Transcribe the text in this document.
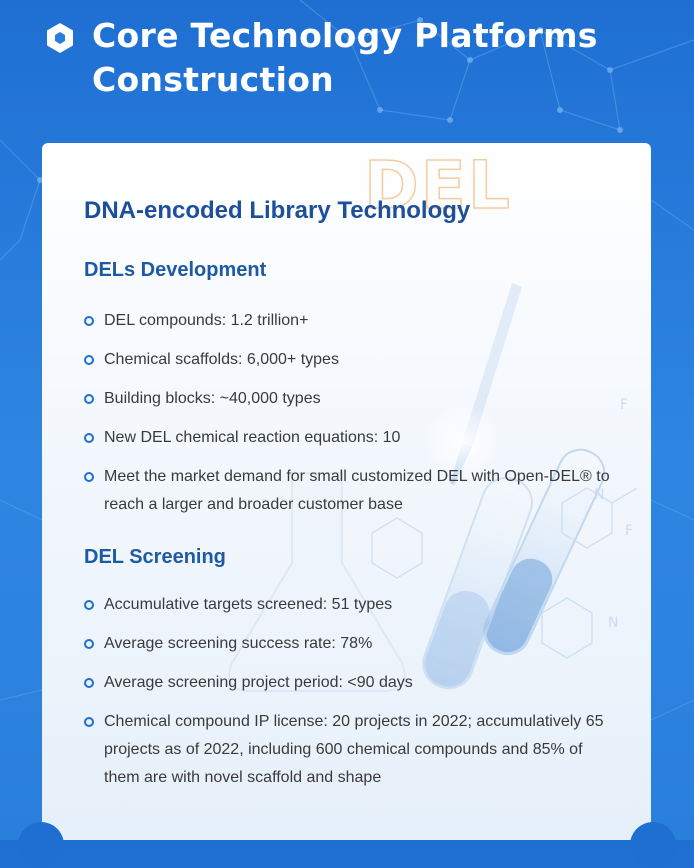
Core Technology Platforms
Construction
F
N
F
N
DEL
DNA-encoded Library Technology
DELs Development
DEL compounds: 1.2 trillion+
Chemical scaffolds: 6,000+ types
Building blocks: ~40,000 types
New DEL chemical reaction equations: 10
Meet the market demand for small customized DEL with Open-DEL® to reach a larger and broader customer base
DEL Screening
Accumulative targets screened: 51 types
Average screening success rate: 78%
Average screening project period: <90 days
Chemical compound IP license: 20 projects in 2022; accumulatively 65 projects as of 2022, including 600 chemical compounds and 85% of them are with novel scaffold and shape
